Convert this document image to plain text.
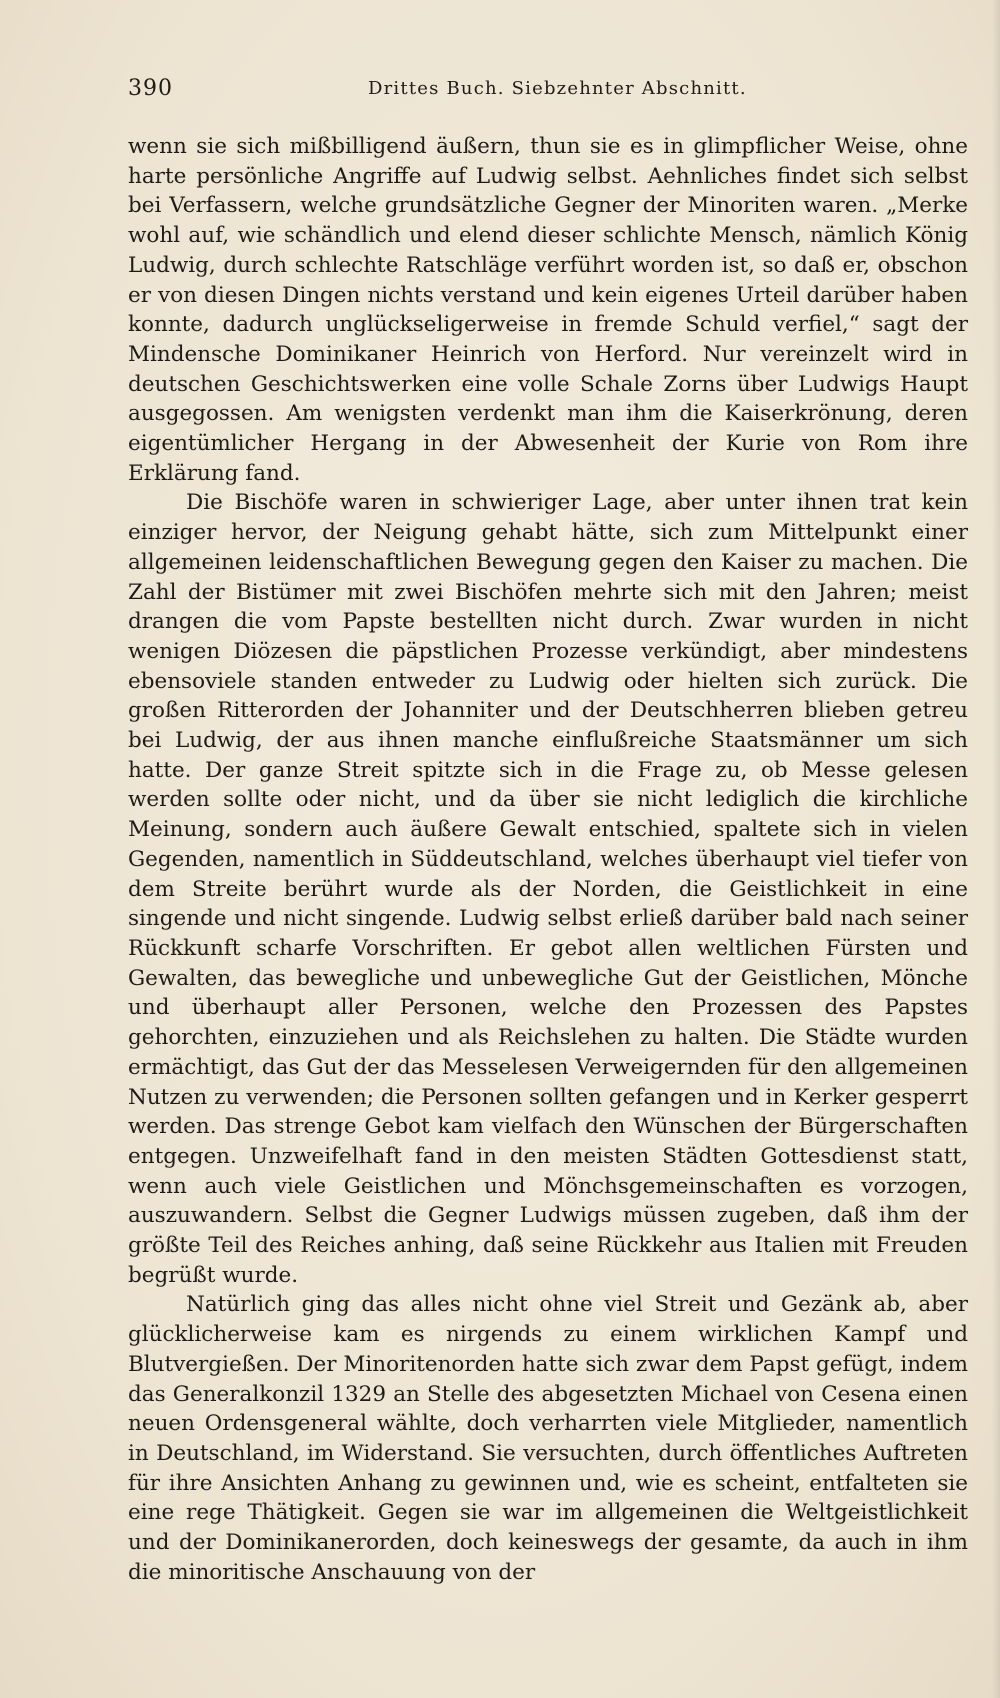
390	Drittes Buch. Siebzehnter Abschnitt.

wenn sie sich mißbilligend äußern, thun sie es in glimpflicher Weise, ohne harte persönliche Angriffe auf Ludwig selbst. Aehnliches findet sich selbst bei Verfassern, welche grundsätzliche Gegner der Minoriten waren. „Merke wohl auf, wie schändlich und elend dieser schlichte Mensch, nämlich König Ludwig, durch schlechte Ratschläge verführt worden ist, so daß er, obschon er von diesen Dingen nichts verstand und kein eigenes Urteil darüber haben konnte, dadurch unglückseligerweise in fremde Schuld verfiel,“ sagt der Mindensche Dominikaner Heinrich von Herford. Nur vereinzelt wird in deutschen Geschichtswerken eine volle Schale Zorns über Ludwigs Haupt ausgegossen. Am wenigsten verdenkt man ihm die Kaiserkrönung, deren eigentümlicher Hergang in der Abwesenheit der Kurie von Rom ihre Erklärung fand.

Die Bischöfe waren in schwieriger Lage, aber unter ihnen trat kein einziger hervor, der Neigung gehabt hätte, sich zum Mittelpunkt einer allgemeinen leidenschaftlichen Bewegung gegen den Kaiser zu machen. Die Zahl der Bistümer mit zwei Bischöfen mehrte sich mit den Jahren; meist drangen die vom Papste bestellten nicht durch. Zwar wurden in nicht wenigen Diözesen die päpstlichen Prozesse verkündigt, aber mindestens ebensoviele standen entweder zu Ludwig oder hielten sich zurück. Die großen Ritterorden der Johanniter und der Deutschherren blieben getreu bei Ludwig, der aus ihnen manche einflußreiche Staatsmänner um sich hatte. Der ganze Streit spitzte sich in die Frage zu, ob Messe gelesen werden sollte oder nicht, und da über sie nicht lediglich die kirchliche Meinung, sondern auch äußere Gewalt entschied, spaltete sich in vielen Gegenden, namentlich in Süddeutschland, welches überhaupt viel tiefer von dem Streite berührt wurde als der Norden, die Geistlichkeit in eine singende und nicht singende. Ludwig selbst erließ darüber bald nach seiner Rückkunft scharfe Vorschriften. Er gebot allen weltlichen Fürsten und Gewalten, das bewegliche und unbewegliche Gut der Geistlichen, Mönche und überhaupt aller Personen, welche den Prozessen des Papstes gehorchten, einzuziehen und als Reichslehen zu halten. Die Städte wurden ermächtigt, das Gut der das Messelesen Verweigernden für den allgemeinen Nutzen zu verwenden; die Personen sollten gefangen und in Kerker gesperrt werden. Das strenge Gebot kam vielfach den Wünschen der Bürgerschaften entgegen. Unzweifelhaft fand in den meisten Städten Gottesdienst statt, wenn auch viele Geistlichen und Mönchsgemeinschaften es vorzogen, auszuwandern. Selbst die Gegner Ludwigs müssen zugeben, daß ihm der größte Teil des Reiches anhing, daß seine Rückkehr aus Italien mit Freuden begrüßt wurde.

Natürlich ging das alles nicht ohne viel Streit und Gezänk ab, aber glücklicherweise kam es nirgends zu einem wirklichen Kampf und Blutvergießen. Der Minoritenorden hatte sich zwar dem Papst gefügt, indem das Generalkonzil 1329 an Stelle des abgesetzten Michael von Cesena einen neuen Ordensgeneral wählte, doch verharrten viele Mitglieder, namentlich in Deutschland, im Widerstand. Sie versuchten, durch öffentliches Auftreten für ihre Ansichten Anhang zu gewinnen und, wie es scheint, entfalteten sie eine rege Thätigkeit. Gegen sie war im allgemeinen die Weltgeistlichkeit und der Dominikanerorden, doch keineswegs der gesamte, da auch in ihm die minoritische Anschauung von der
